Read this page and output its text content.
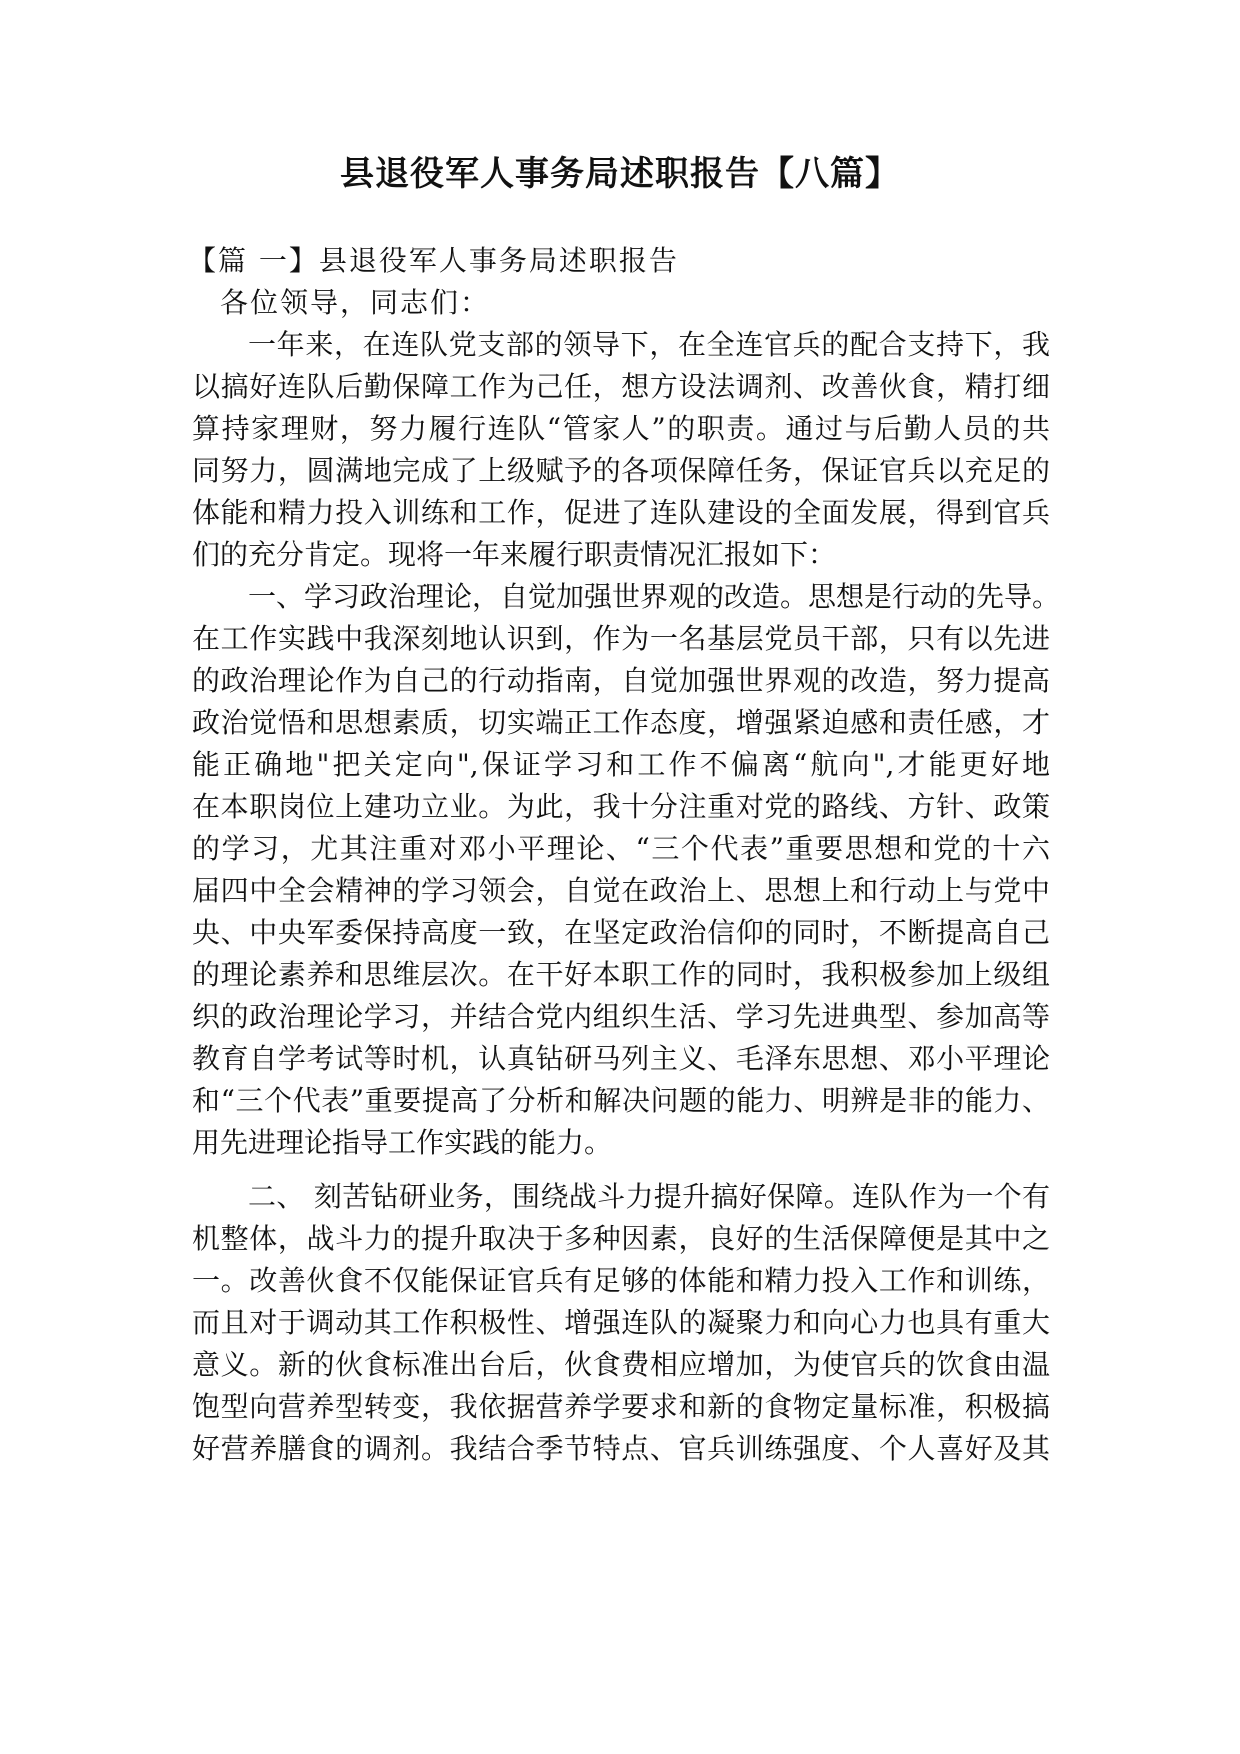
县退役军人事务局述职报告【八篇】
【篇 一】县退役军人事务局述职报告
各位领导，同志们：
一年来，在连队党支部的领导下，在全连官兵的配合支持下，我
以搞好连队后勤保障工作为己任，想方设法调剂、改善伙食，精打细
算持家理财，努力履行连队“管家人”的职责。通过与后勤人员的共
同努力，圆满地完成了上级赋予的各项保障任务，保证官兵以充足的
体能和精力投入训练和工作，促进了连队建设的全面发展，得到官兵
们的充分肯定。现将一年来履行职责情况汇报如下：
一、学习政治理论，自觉加强世界观的改造。思想是行动的先导。
在工作实践中我深刻地认识到，作为一名基层党员干部，只有以先进
的政治理论作为自己的行动指南，自觉加强世界观的改造，努力提高
政治觉悟和思想素质，切实端正工作态度，增强紧迫感和责任感，才
能正确地"把关定向",保证学习和工作不偏离“航向",才能更好地
在本职岗位上建功立业。为此，我十分注重对党的路线、方针、政策
的学习，尤其注重对邓小平理论、“三个代表”重要思想和党的十六
届四中全会精神的学习领会，自觉在政治上、思想上和行动上与党中
央、中央军委保持高度一致，在坚定政治信仰的同时，不断提高自己
的理论素养和思维层次。在干好本职工作的同时，我积极参加上级组
织的政治理论学习，并结合党内组织生活、学习先进典型、参加高等
教育自学考试等时机，认真钻研马列主义、毛泽东思想、邓小平理论
和“三个代表”重要提高了分析和解决问题的能力、明辨是非的能力、
用先进理论指导工作实践的能力。
二、 刻苦钻研业务，围绕战斗力提升搞好保障。连队作为一个有
机整体，战斗力的提升取决于多种因素，良好的生活保障便是其中之
一。改善伙食不仅能保证官兵有足够的体能和精力投入工作和训练，
而且对于调动其工作积极性、增强连队的凝聚力和向心力也具有重大
意义。新的伙食标准出台后，伙食费相应增加，为使官兵的饮食由温
饱型向营养型转变，我依据营养学要求和新的食物定量标准，积极搞
好营养膳食的调剂。我结合季节特点、官兵训练强度、个人喜好及其
